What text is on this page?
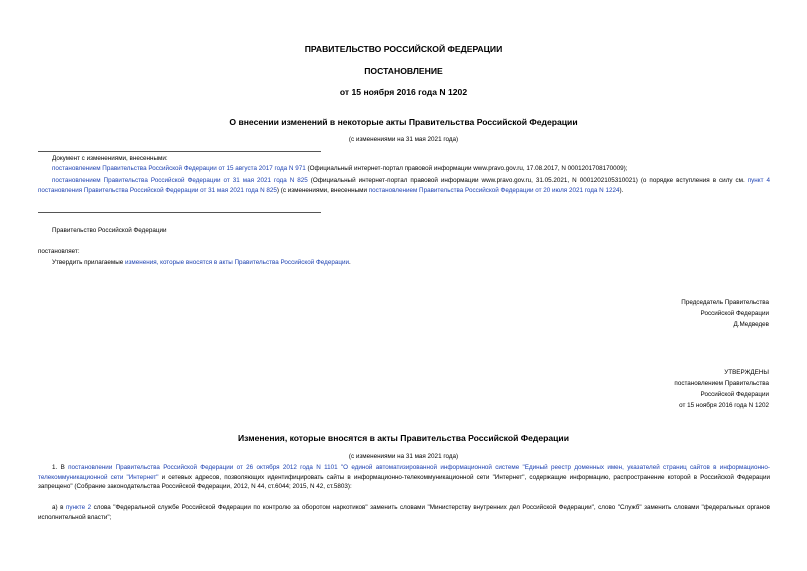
ПРАВИТЕЛЬСТВО РОССИЙСКОЙ ФЕДЕРАЦИИ
ПОСТАНОВЛЕНИЕ
от 15 ноября 2016 года N 1202
О внесении изменений в некоторые акты Правительства Российской Федерации
(с изменениями на 31 мая 2021 года)
Документ с изменениями, внесенными:
постановлением Правительства Российской Федерации от 15 августа 2017 года N 971 (Официальный интернет-портал правовой информации www.pravo.gov.ru, 17.08.2017, N 0001201708170009);
постановлением Правительства Российской Федерации от 31 мая 2021 года N 825 (Официальный интернет-портал правовой информации www.pravo.gov.ru, 31.05.2021, N 0001202105310021) (о порядке вступления в силу см. пункт 4 постановления Правительства Российской Федерации от 31 мая 2021 года N 825) (с изменениями, внесенными постановлением Правительства Российской Федерации от 20 июля 2021 года N 1224).
Правительство Российской Федерации
постановляет:
Утвердить прилагаемые изменения, которые вносятся в акты Правительства Российской Федерации.
Председатель Правительства
Российской Федерации
Д.Медведев
УТВЕРЖДЕНЫ
постановлением Правительства
Российской Федерации
от 15 ноября 2016 года N 1202
Изменения, которые вносятся в акты Правительства Российской Федерации
(с изменениями на 31 мая 2021 года)
1. В постановлении Правительства Российской Федерации от 26 октября 2012 года N 1101 "О единой автоматизированной информационной системе "Единый реестр доменных имен, указателей страниц сайтов в информационно-телекоммуникационной сети "Интернет" и сетевых адресов, позволяющих идентифицировать сайты в информационно-телекоммуникационной сети "Интернет", содержащие информацию, распространение которой в Российской Федерации запрещено" (Собрание законодательства Российской Федерации, 2012, N 44, ст.6044; 2015, N 42, ст.5803):
а) в пункте 2 слова "Федеральной службе Российской Федерации по контролю за оборотом наркотиков" заменить словами "Министерству внутренних дел Российской Федерации", слово "Служб" заменить словами "федеральных органов исполнительной власти";
